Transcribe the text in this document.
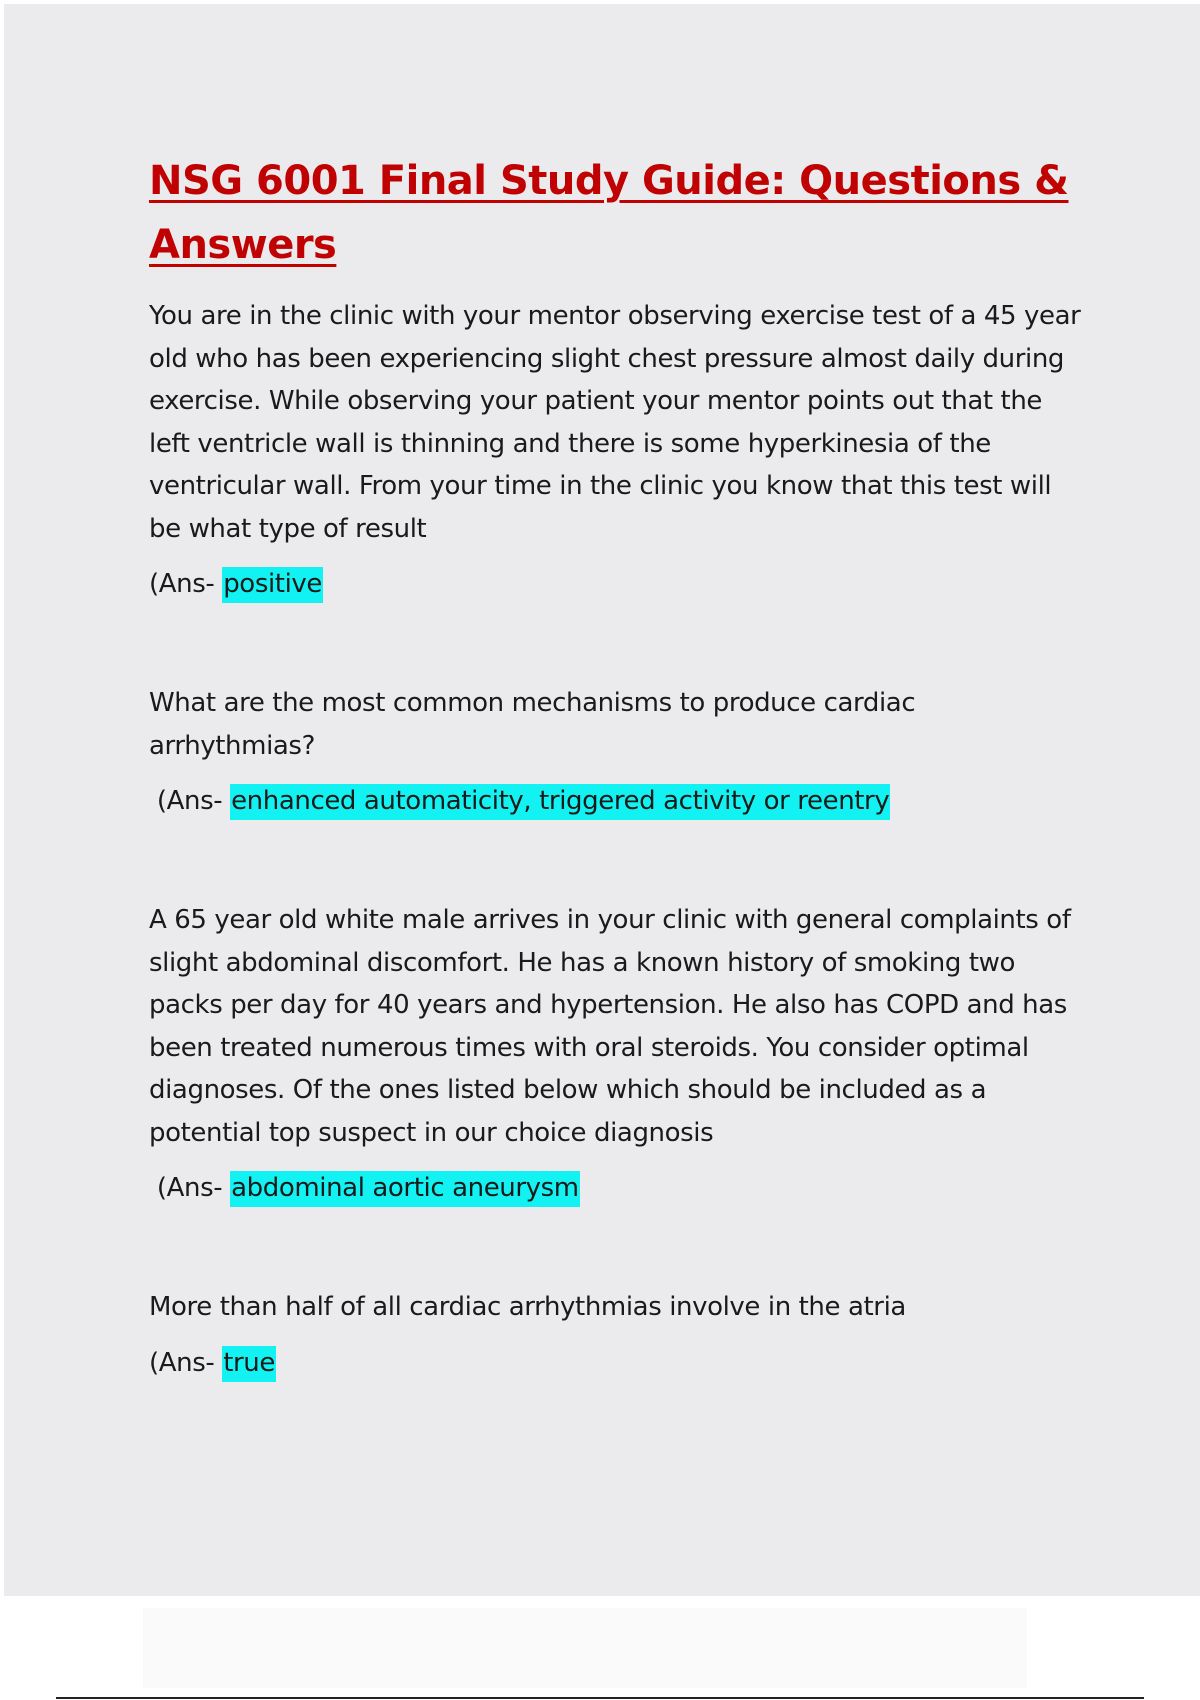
NSG 6001 Final Study Guide: Questions & Answers

You are in the clinic with your mentor observing exercise test of a 45 year old who has been experiencing slight chest pressure almost daily during exercise. While observing your patient your mentor points out that the left ventricle wall is thinning and there is some hyperkinesia of the ventricular wall. From your time in the clinic you know that this test will be what type of result

(Ans- positive

What are the most common mechanisms to produce cardiac arrhythmias?

(Ans- enhanced automaticity, triggered activity or reentry

A 65 year old white male arrives in your clinic with general complaints of slight abdominal discomfort. He has a known history of smoking two packs per day for 40 years and hypertension. He also has COPD and has been treated numerous times with oral steroids. You consider optimal diagnoses. Of the ones listed below which should be included as a potential top suspect in our choice diagnosis

(Ans- abdominal aortic aneurysm

More than half of all cardiac arrhythmias involve in the atria

(Ans- true
